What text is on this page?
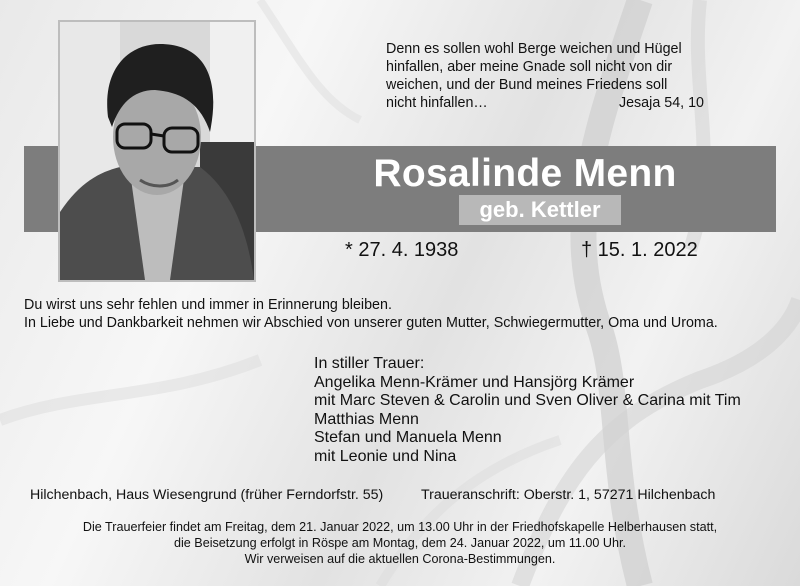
Denn es sollen wohl Berge weichen und Hügel
hinfallen, aber meine Gnade soll nicht von dir
weichen, und der Bund meines Friedens soll
nicht hinfallen…	Jesaja 54, 10
Rosalinde Menn
geb. Kettler
* 27. 4. 1938	† 15. 1. 2022
Du wirst uns sehr fehlen und immer in Erinnerung bleiben.
In Liebe und Dankbarkeit nehmen wir Abschied von unserer guten Mutter, Schwiegermutter, Oma und Uroma.
In stiller Trauer:
Angelika Menn-Krämer und Hansjörg Krämer
mit Marc Steven & Carolin und Sven Oliver & Carina mit Tim
Matthias Menn
Stefan und Manuela Menn
mit Leonie und Nina
Hilchenbach, Haus Wiesengrund (früher Ferndorfstr. 55)	Traueranschrift: Oberstr. 1, 57271 Hilchenbach
Die Trauerfeier findet am Freitag, dem 21. Januar 2022, um 13.00 Uhr in der Friedhofskapelle Helberhausen statt,
die Beisetzung erfolgt in Röspe am Montag, dem 24. Januar 2022, um 11.00 Uhr.
Wir verweisen auf die aktuellen Corona-Bestimmungen.
